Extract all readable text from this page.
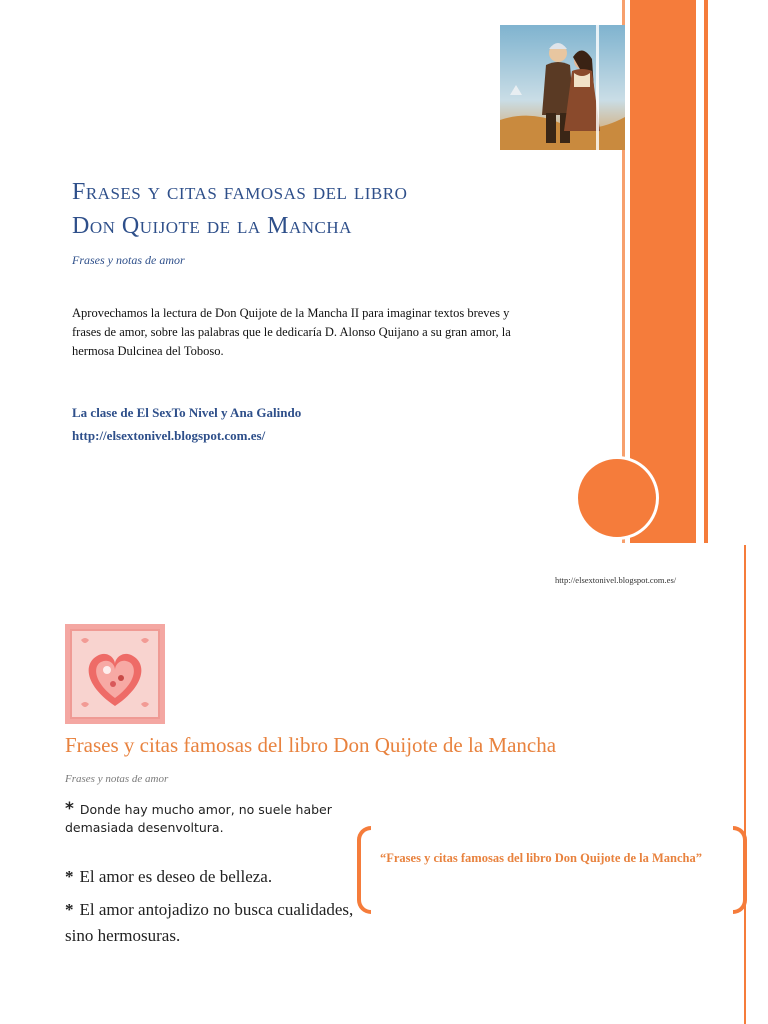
Frases y citas famosas del libro
Don Quijote de la Mancha

Frases y notas de amor

Aprovechamos la lectura de Don Quijote de la Mancha II para imaginar textos breves y frases de amor, sobre las palabras que le dedicaría D. Alonso Quijano a su gran amor, la hermosa Dulcinea del Toboso.

La clase de El SexTo Nivel y Ana Galindo

http://elsextonivel.blogspot.com.es/

http://elsextonivel.blogspot.com.es/

Frases y citas famosas del libro Don Quijote de la Mancha

Frases y notas de amor

* Donde hay mucho amor, no suele haber demasiada desenvoltura.

* El amor es deseo de belleza.

* El amor antojadizo no busca cualidades, sino hermosuras.

“Frases y citas famosas del libro Don Quijote de la Mancha”
